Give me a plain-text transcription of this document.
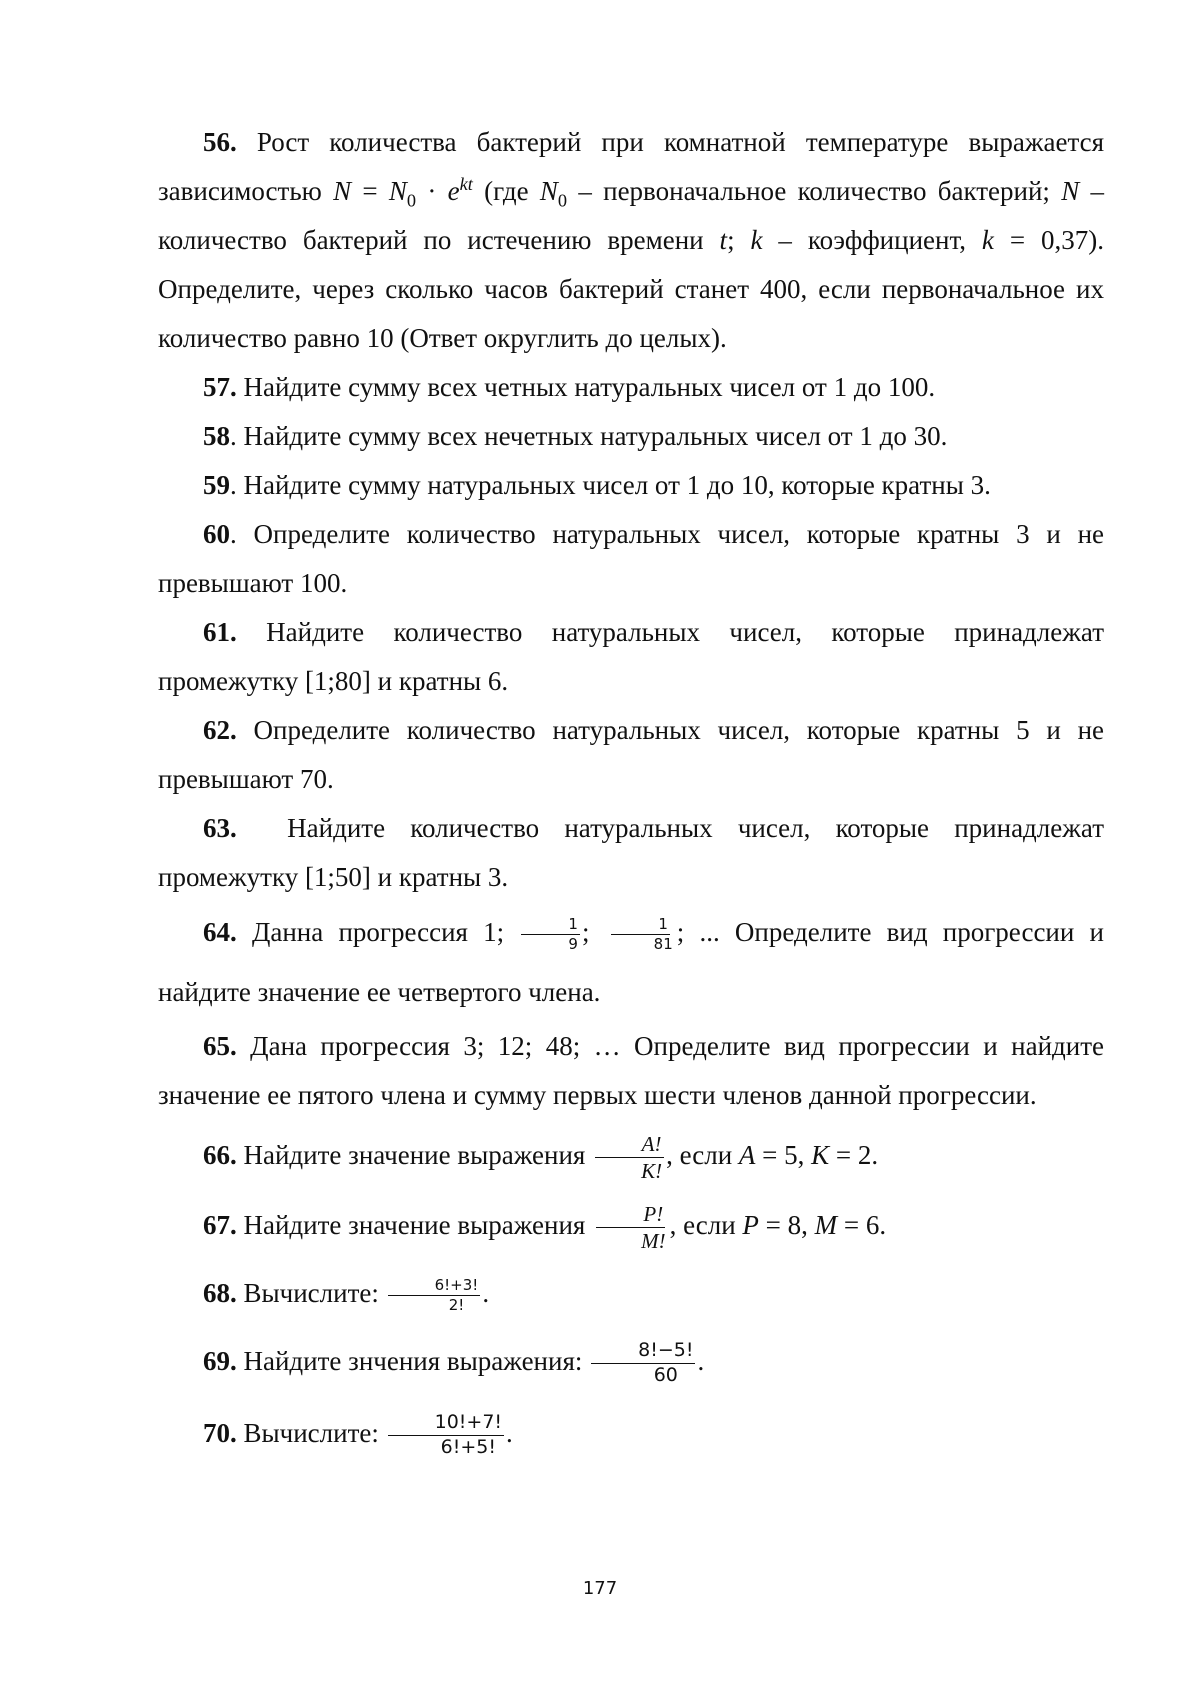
56. Рост количества бактерий при комнатной температуре выражается зависимостью $N = N_0 \cdot e^{kt}$ (где $N_0$ – первоначальное количество бактерий; N – количество бактерий по истечению времени t; k – коэффициент, k = 0,37). Определите, через сколько часов бактерий станет 400, если первоначальное их количество равно 10 (Ответ округлить до целых).

57. Найдите сумму всех четных натуральных чисел от 1 до 100.

58. Найдите сумму всех нечетных натуральных чисел от 1 до 30.

59. Найдите сумму натуральных чисел от 1 до 10, которые кратны 3.

60. Определите количество натуральных чисел, которые кратны 3 и не превышают 100.

61. Найдите количество натуральных чисел, которые принадлежат промежутку [1;80] и кратны 6.

62. Определите количество натуральных чисел, которые кратны 5 и не превышают 70.

63.  Найдите количество натуральных чисел, которые принадлежат промежутку [1;50] и кратны 3.

64. Данна прогрессия 1; $\frac{1}{9}$ ; $\frac{1}{81}$ ; ... Определите вид прогрессии и найдите значение ее четвертого члена.

65. Дана прогрессия 3; 12; 48; … Определите вид прогрессии и найдите значение ее пятого члена и сумму первых шести членов данной прогрессии.

66. Найдите значение выражения $\frac{A!}{K!}$ , если A = 5, K = 2.

67. Найдите значение выражения $\frac{P!}{M!}$ , если P = 8, M = 6.

68. Вычислите: $\frac{6!+3!}{2!}$ .

69. Найдите знчения выражения: $\frac{8!-5!}{60}$ .

70. Вычислите: $\frac{10!+7!}{6!+5!}$ .

177
